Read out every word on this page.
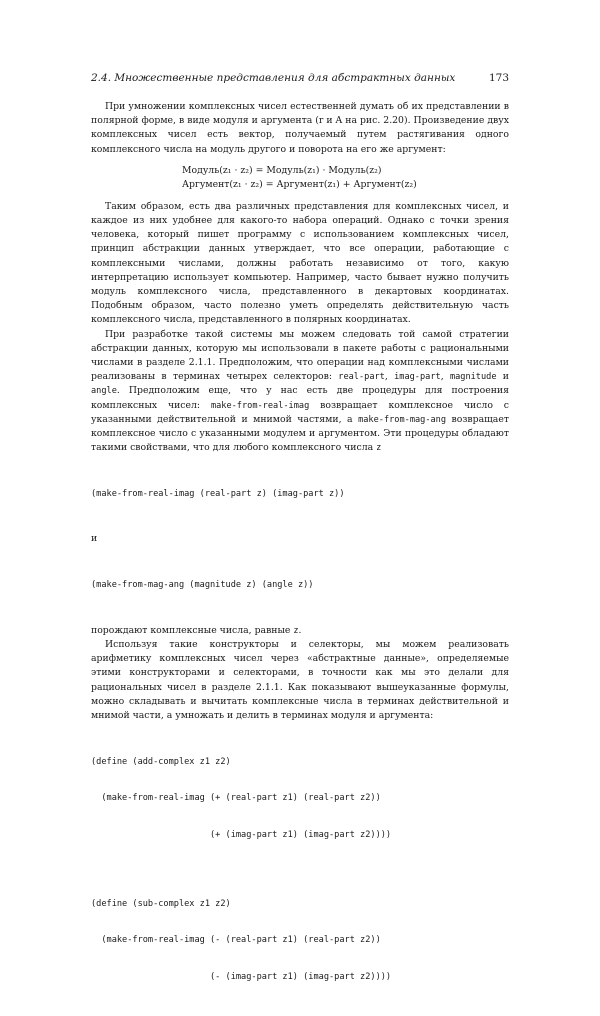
2.4. Множественные представления для абстрактных данных	173

При умножении комплексных чисел естественней думать об их представлении в полярной форме, в виде модуля и аргумента (r и A на рис. 2.20). Произведение двух комплексных чисел есть вектор, получаемый путем растягивания одного комплексного числа на модуль другого и поворота на его же аргумент:

Модуль(z₁ · z₂) = Модуль(z₁) · Модуль(z₂)
Аргумент(z₁ · z₂) = Аргумент(z₁) + Аргумент(z₂)

Таким образом, есть два различных представления для комплексных чисел, и каждое из них удобнее для какого-то набора операций. Однако с точки зрения человека, который пишет программу с использованием комплексных чисел, принцип абстракции данных утверждает, что все операции, работающие с комплексными числами, должны работать независимо от того, какую интерпретацию использует компьютер. Например, часто бывает нужно получить модуль комплексного числа, представленного в декартовых координатах. Подобным образом, часто полезно уметь определять действительную часть комплексного числа, представленного в полярных координатах.

При разработке такой системы мы можем следовать той самой стратегии абстракции данных, которую мы использовали в пакете работы с рациональными числами в разделе 2.1.1. Предположим, что операции над комплексными числами реализованы в терминах четырех селекторов: real-part, imag-part, magnitude и angle. Предположим еще, что у нас есть две процедуры для построения комплексных чисел: make-from-real-imag возвращает комплексное число с указанными действительной и мнимой частями, а make-from-mag-ang возвращает комплексное число с указанными модулем и аргументом. Эти процедуры обладают такими свойствами, что для любого комплексного числа z

(make-from-real-imag (real-part z) (imag-part z))

и

(make-from-mag-ang (magnitude z) (angle z))

порождают комплексные числа, равные z.

Используя такие конструкторы и селекторы, мы можем реализовать арифметику комплексных чисел через «абстрактные данные», определяемые этими конструкторами и селекторами, в точности как мы это делали для рациональных чисел в разделе 2.1.1. Как показывают вышеуказанные формулы, можно складывать и вычитать комплексные числа в терминах действительной и мнимой части, а умножать и делить в терминах модуля и аргумента:

(define (add-complex z1 z2)

(make-from-real-imag (+ (real-part z1) (real-part z2))

(+ (imag-part z1) (imag-part z2))))

(define (sub-complex z1 z2)

(make-from-real-imag (- (real-part z1) (real-part z2))

(- (imag-part z1) (imag-part z2))))
